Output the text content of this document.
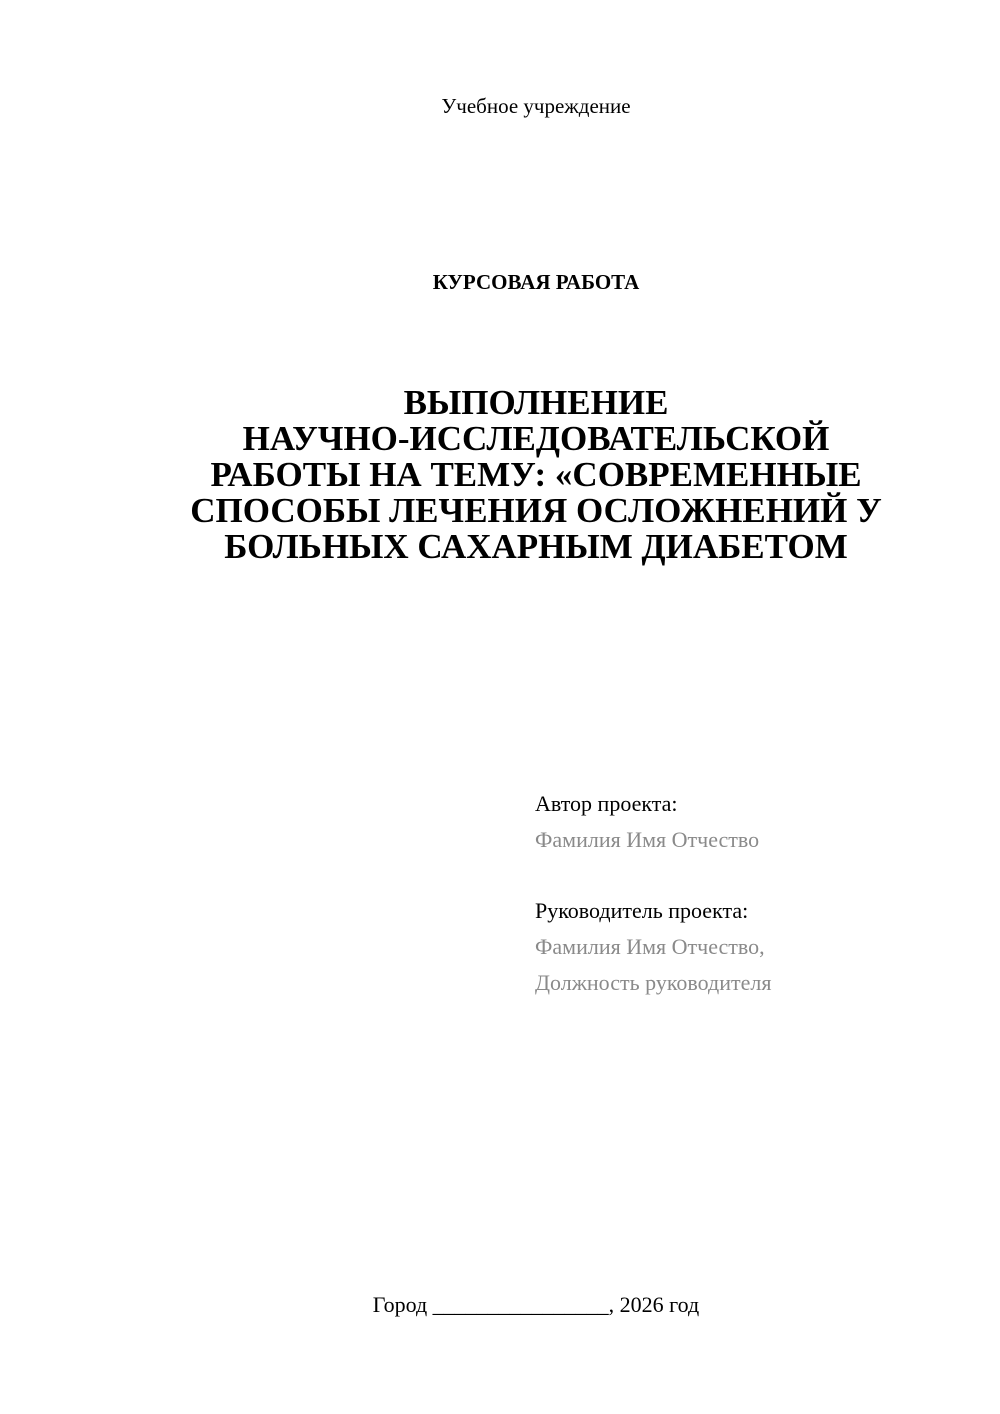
Учебное учреждение
КУРСОВАЯ РАБОТА
ВЫПОЛНЕНИЕ
НАУЧНО-ИССЛЕДОВАТЕЛЬСКОЙ
РАБОТЫ НА ТЕМУ: «СОВРЕМЕННЫЕ
СПОСОБЫ ЛЕЧЕНИЯ ОСЛОЖНЕНИЙ У
БОЛЬНЫХ САХАРНЫМ ДИАБЕТОМ
Автор проекта:
Фамилия Имя Отчество
Руководитель проекта:
Фамилия Имя Отчество,
Должность руководителя
Город ________________, 2026 год
